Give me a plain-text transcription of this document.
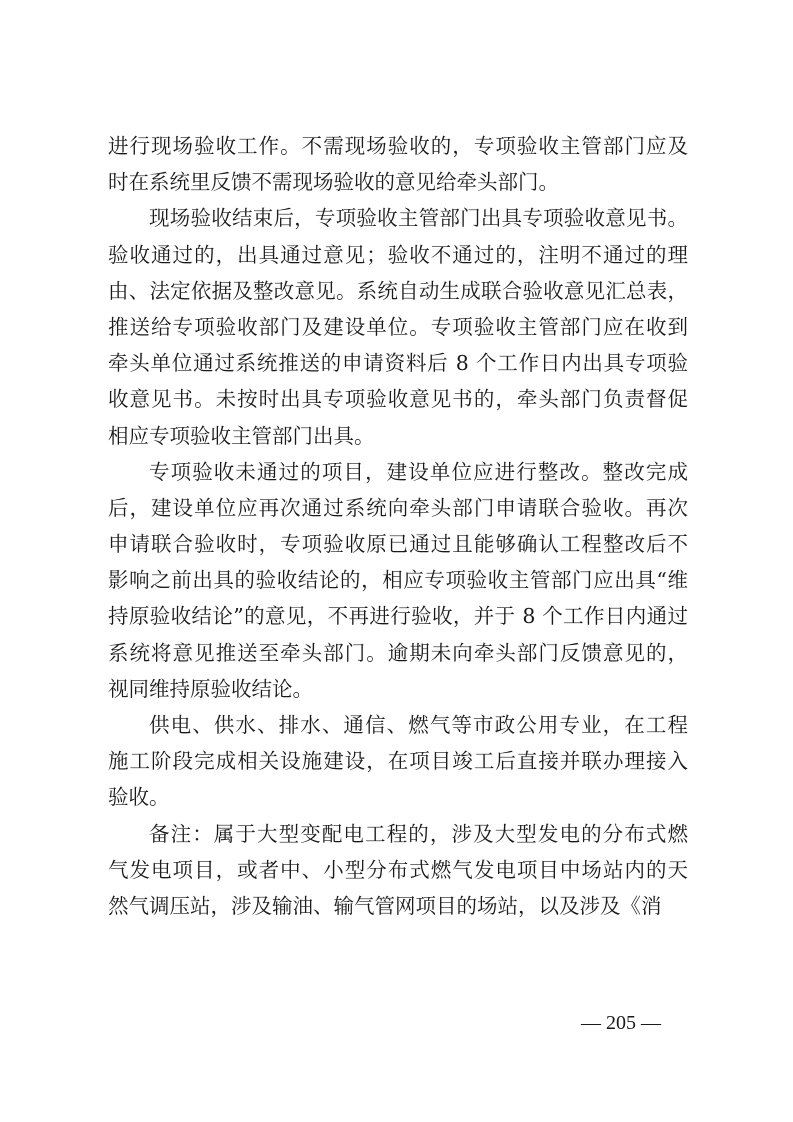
进行现场验收工作。不需现场验收的，专项验收主管部门应及
时在系统里反馈不需现场验收的意见给牵头部门。
现场验收结束后，专项验收主管部门出具专项验收意见书。
验收通过的，出具通过意见；验收不通过的，注明不通过的理
由、法定依据及整改意见。系统自动生成联合验收意见汇总表，
推送给专项验收部门及建设单位。专项验收主管部门应在收到
牵头单位通过系统推送的申请资料后 8 个工作日内出具专项验
收意见书。未按时出具专项验收意见书的，牵头部门负责督促
相应专项验收主管部门出具。
专项验收未通过的项目，建设单位应进行整改。整改完成
后，建设单位应再次通过系统向牵头部门申请联合验收。再次
申请联合验收时，专项验收原已通过且能够确认工程整改后不
影响之前出具的验收结论的，相应专项验收主管部门应出具“维
持原验收结论”的意见，不再进行验收，并于 8 个工作日内通过
系统将意见推送至牵头部门。逾期未向牵头部门反馈意见的，
视同维持原验收结论。
供电、供水、排水、通信、燃气等市政公用专业，在工程
施工阶段完成相关设施建设，在项目竣工后直接并联办理接入
验收。
备注：属于大型变配电工程的，涉及大型发电的分布式燃
气发电项目，或者中、小型分布式燃气发电项目中场站内的天
然气调压站，涉及输油、输气管网项目的场站，以及涉及《消
— 205 —
